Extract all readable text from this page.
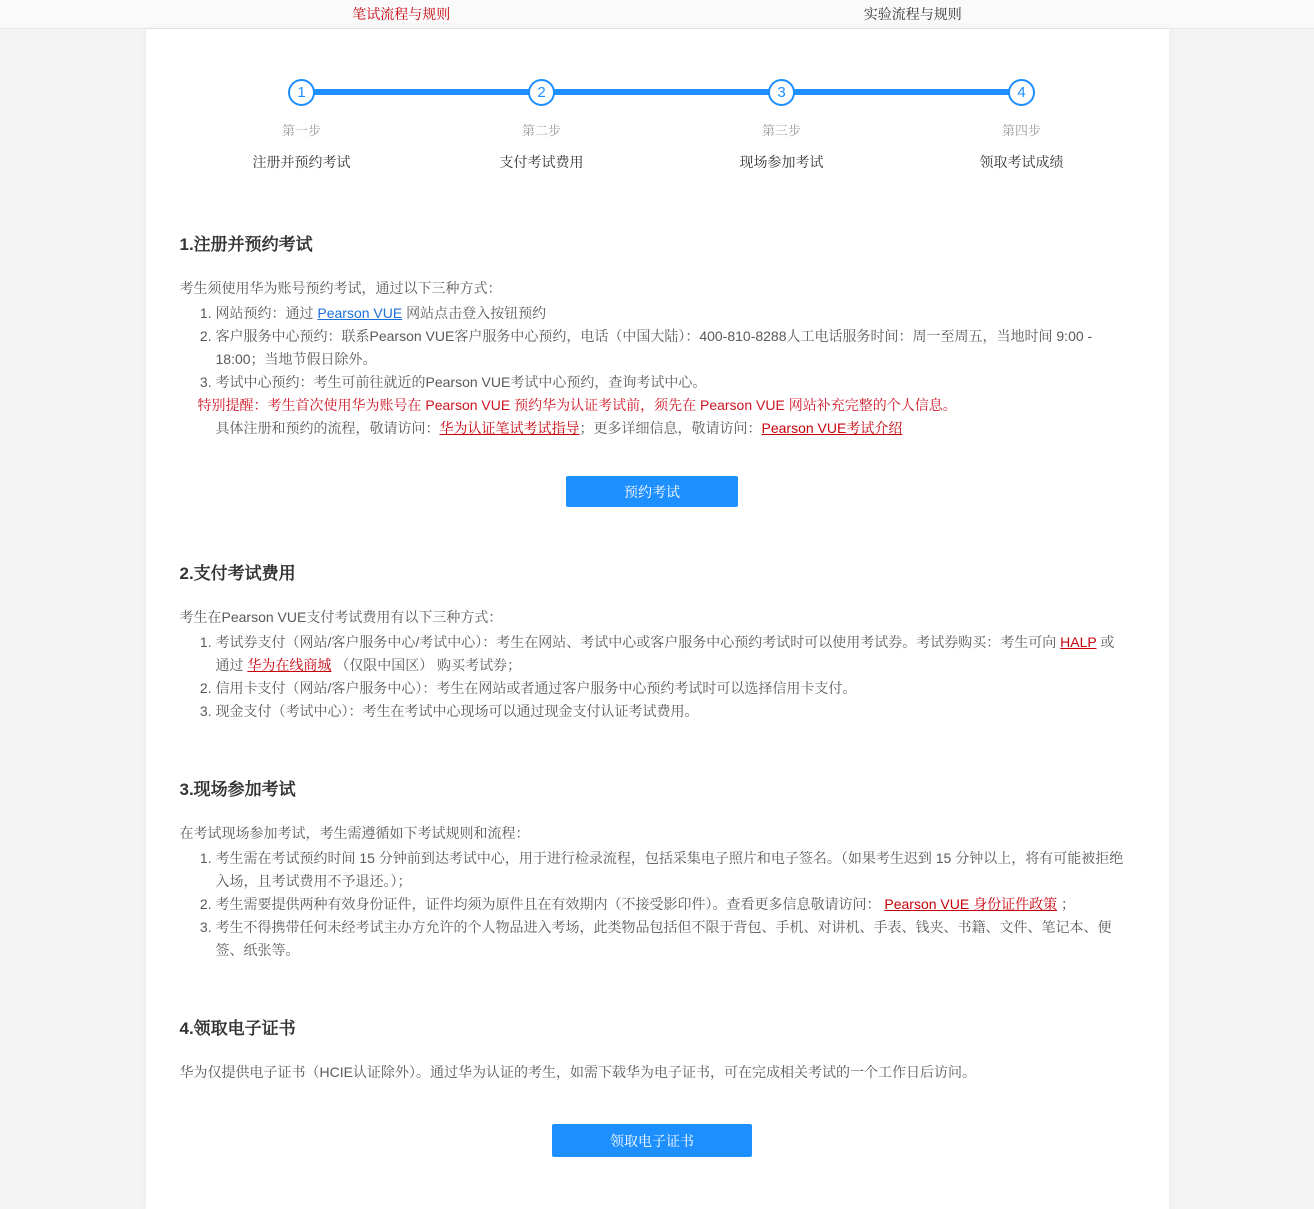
笔试流程与规则	实验流程与规则
1
第一步
注册并预约考试
2
第二步
支付考试费用
3
第三步
现场参加考试
4
第四步
领取考试成绩
1.注册并预约考试

考生须使用华为账号预约考试，通过以下三种方式：

1. 网站预约：通过 Pearson VUE 网站点击登入按钮预约
2. 客户服务中心预约：联系Pearson VUE客户服务中心预约，电话（中国大陆）：400-810-8288人工电话服务时间：周一至周五，当地时间 9:00 - 18:00；当地节假日除外。
3. 考试中心预约：考生可前往就近的Pearson VUE考试中心预约，查询考试中心。

特别提醒：考生首次使用华为账号在 Pearson VUE 预约华为认证考试前，须先在 Pearson VUE 网站补充完整的个人信息。

具体注册和预约的流程，敬请访问：华为认证笔试考试指导；更多详细信息，敬请访问：Pearson VUE考试介绍

预约考试
2.支付考试费用

考生在Pearson VUE支付考试费用有以下三种方式：

1. 考试券支付（网站/客户服务中心/考试中心）：考生在网站、考试中心或客户服务中心预约考试时可以使用考试券。考试券购买：考生可向 HALP 或通过 华为在线商城 （仅限中国区） 购买考试券；
2. 信用卡支付（网站/客户服务中心）：考生在网站或者通过客户服务中心预约考试时可以选择信用卡支付。
3. 现金支付（考试中心）：考生在考试中心现场可以通过现金支付认证考试费用。
3.现场参加考试

在考试现场参加考试，考生需遵循如下考试规则和流程：

1. 考生需在考试预约时间 15 分钟前到达考试中心，用于进行检录流程，包括采集电子照片和电子签名。（如果考生迟到 15 分钟以上，将有可能被拒绝入场，且考试费用不予退还。）；
2. 考生需要提供两种有效身份证件，证件均须为原件且在有效期内（不接受影印件）。查看更多信息敬请访问： Pearson VUE 身份证件政策 ；
3. 考生不得携带任何未经考试主办方允许的个人物品进入考场，此类物品包括但不限于背包、手机、对讲机、手表、钱夹、书籍、文件、笔记本、便签、纸张等。
4.领取电子证书

华为仅提供电子证书（HCIE认证除外）。通过华为认证的考生，如需下载华为电子证书，可在完成相关考试的一个工作日后访问。

领取电子证书
